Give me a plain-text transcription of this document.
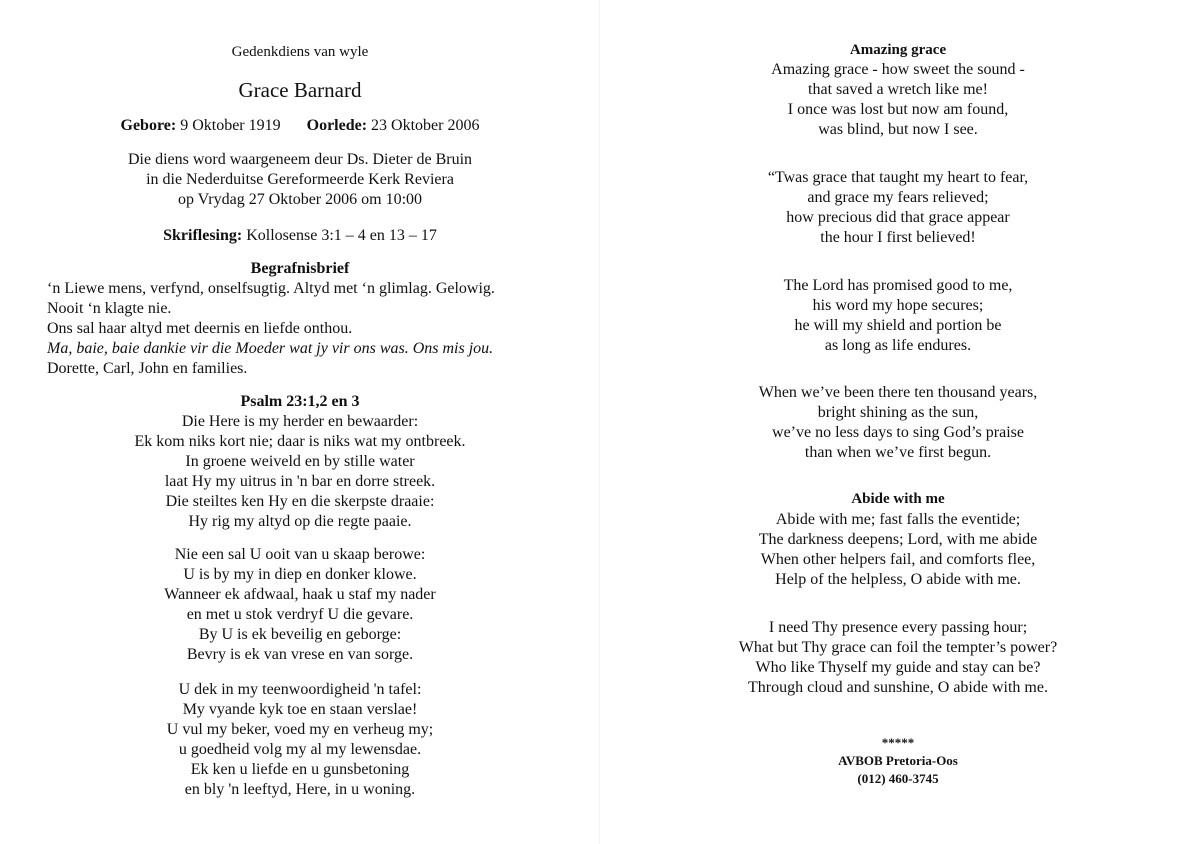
Gedenkdiens van wyle
Grace Barnard
Gebore: 9 Oktober 1919 Oorlede: 23 Oktober 2006
Die diens word waargeneem deur Ds. Dieter de Bruin
in die Nederduitse Gereformeerde Kerk Reviera
op Vrydag 27 Oktober 2006 om 10:00
Skriflesing: Kollosense 3:1 – 4 en 13 – 17
Begrafnisbrief
‘n Liewe mens, verfynd, onselfsugtig. Altyd met ‘n glimlag. Gelowig.
Nooit ‘n klagte nie.
Ons sal haar altyd met deernis en liefde onthou.
Ma, baie, baie dankie vir die Moeder wat jy vir ons was. Ons mis jou.
Dorette, Carl, John en families.
Psalm 23:1,2 en 3
Die Here is my herder en bewaarder:
Ek kom niks kort nie; daar is niks wat my ontbreek.
In groene weiveld en by stille water
laat Hy my uitrus in 'n bar en dorre streek.
Die steiltes ken Hy en die skerpste draaie:
Hy rig my altyd op die regte paaie.
Nie een sal U ooit van u skaap berowe:
U is by my in diep en donker klowe.
Wanneer ek afdwaal, haak u staf my nader
en met u stok verdryf U die gevare.
By U is ek beveilig en geborge:
Bevry is ek van vrese en van sorge.
U dek in my teenwoordigheid 'n tafel:
My vyande kyk toe en staan verslae!
U vul my beker, voed my en verheug my;
u goedheid volg my al my lewensdae.
Ek ken u liefde en u gunsbetoning
en bly 'n leeftyd, Here, in u woning.
Amazing grace
Amazing grace - how sweet the sound -
that saved a wretch like me!
I once was lost but now am found,
was blind, but now I see.
“Twas grace that taught my heart to fear,
and grace my fears relieved;
how precious did that grace appear
the hour I first believed!
The Lord has promised good to me,
his word my hope secures;
he will my shield and portion be
as long as life endures.
When we’ve been there ten thousand years,
bright shining as the sun,
we’ve no less days to sing God’s praise
than when we’ve first begun.
Abide with me
Abide with me; fast falls the eventide;
The darkness deepens; Lord, with me abide
When other helpers fail, and comforts flee,
Help of the helpless, O abide with me.
I need Thy presence every passing hour;
What but Thy grace can foil the tempter’s power?
Who like Thyself my guide and stay can be?
Through cloud and sunshine, O abide with me.
*****
AVBOB Pretoria-Oos
(012) 460-3745
